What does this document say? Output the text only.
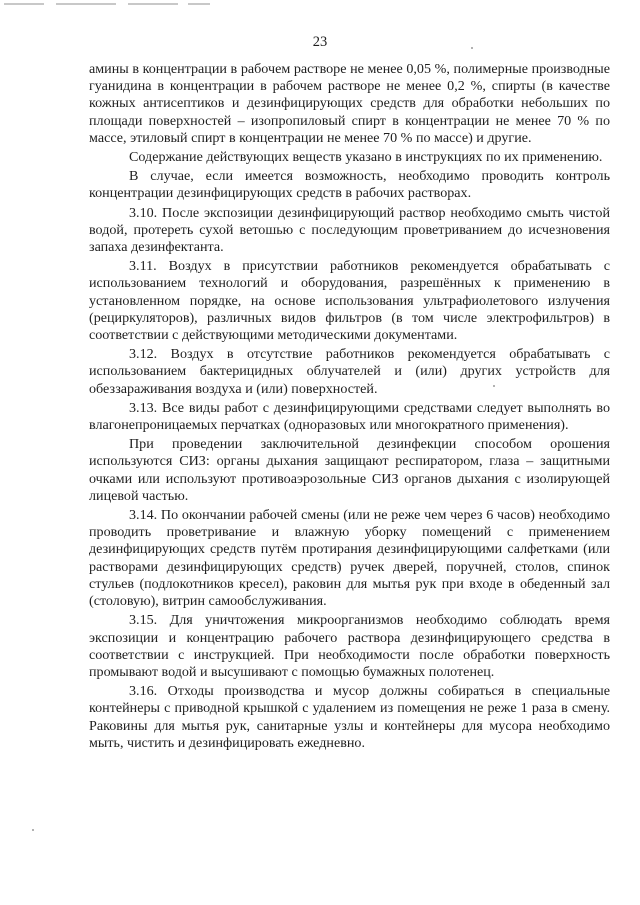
23

амины в концентрации в рабочем растворе не менее 0,05 %, полимерные производные гуанидина в концентрации в рабочем растворе не менее 0,2 %, спирты (в качестве кожных антисептиков и дезинфицирующих средств для обработки небольших по площади поверхностей – изопропиловый спирт в концентрации не менее 70 % по массе, этиловый спирт в концентрации не менее 70 % по массе) и другие.

Содержание действующих веществ указано в инструкциях по их применению.

В случае, если имеется возможность, необходимо проводить контроль концентрации дезинфицирующих средств в рабочих растворах.

3.10. После экспозиции дезинфицирующий раствор необходимо смыть чистой водой, протереть сухой ветошью с последующим проветриванием до исчезновения запаха дезинфектанта.

3.11. Воздух в присутствии работников рекомендуется обрабатывать с использованием технологий и оборудования, разрешённых к применению в установленном порядке, на основе использования ультрафиолетового излучения (рециркуляторов), различных видов фильтров (в том числе электрофильтров) в соответствии с действующими методическими документами.

3.12. Воздух в отсутствие работников рекомендуется обрабатывать с использованием бактерицидных облучателей и (или) других устройств для обеззараживания воздуха и (или) поверхностей.

3.13. Все виды работ с дезинфицирующими средствами следует выполнять во влагонепроницаемых перчатках (одноразовых или многократного применения).

При проведении заключительной дезинфекции способом орошения используются СИЗ: органы дыхания защищают респиратором, глаза – защитными очками или используют противоаэрозольные СИЗ органов дыхания с изолирующей лицевой частью.

3.14. По окончании рабочей смены (или не реже чем через 6 часов) необходимо проводить проветривание и влажную уборку помещений с применением дезинфицирующих средств путём протирания дезинфицирующими салфетками (или растворами дезинфицирующих средств) ручек дверей, поручней, столов, спинок стульев (подлокотников кресел), раковин для мытья рук при входе в обеденный зал (столовую), витрин самообслуживания.

3.15. Для уничтожения микроорганизмов необходимо соблюдать время экспозиции и концентрацию рабочего раствора дезинфицирующего средства в соответствии с инструкцией. При необходимости после обработки поверхность промывают водой и высушивают с помощью бумажных полотенец.

3.16. Отходы производства и мусор должны собираться в специальные контейнеры с приводной крышкой с удалением из помещения не реже 1 раза в смену. Раковины для мытья рук, санитарные узлы и контейнеры для мусора необходимо мыть, чистить и дезинфицировать ежедневно.
